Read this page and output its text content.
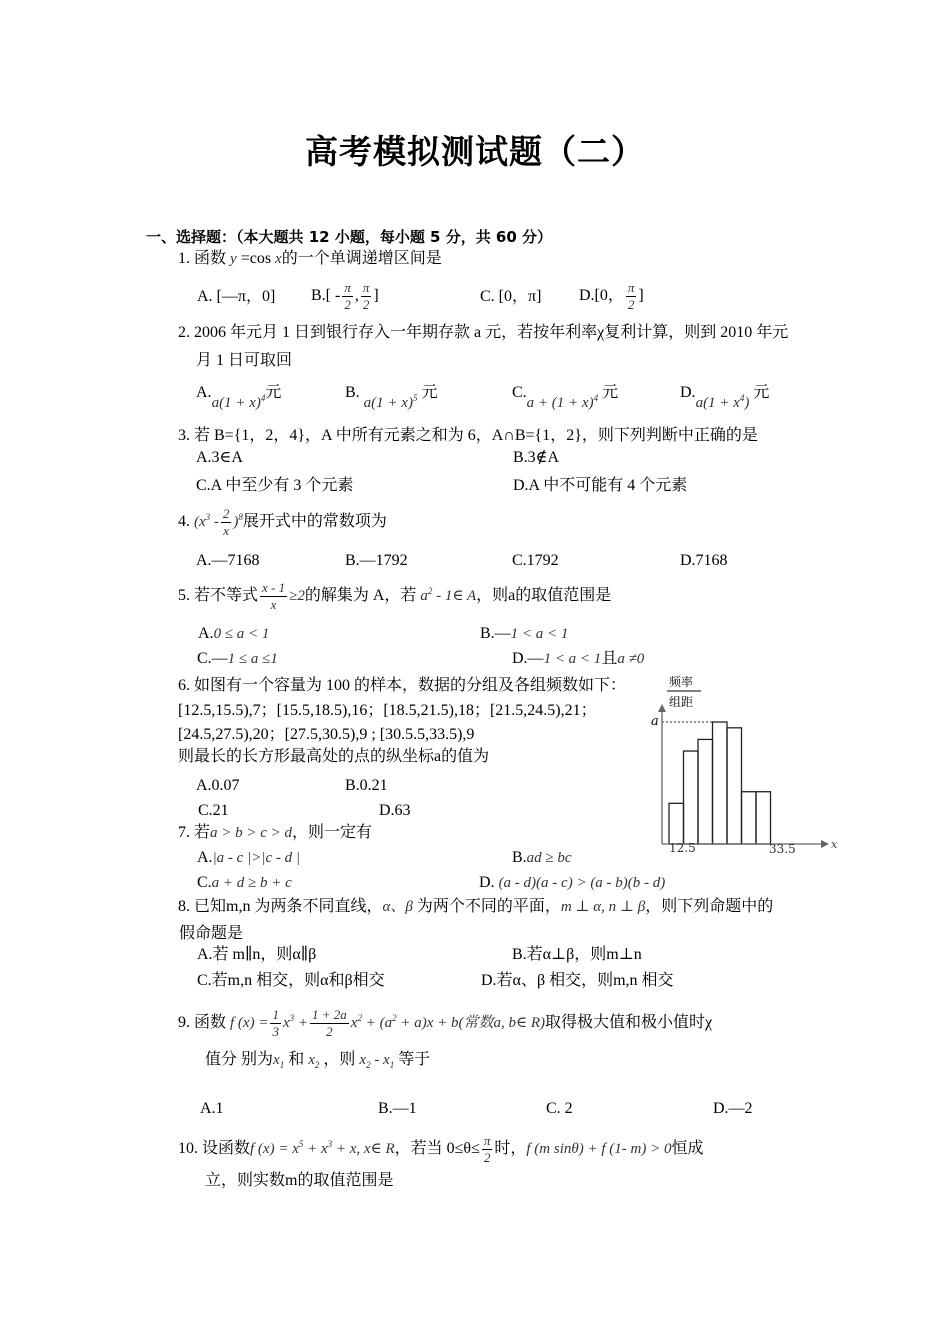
高考模拟测试题（二）
一、选择题：（本大题共 12 小题，每小题 5 分，共 60 分）
1. 函数 y =cos x的一个单调递增区间是
A. [—π，0] $B.[ - \frac{\pi}{2}$ , $\frac{\pi}{2}$ ]	C. [0，π] D.[0， $\frac{\pi}{2}$ ]
2. 2006 年元月 1 日到银行存入一年期存款 a 元，若按年利率χ复利计算，则到 2010 年元
月 1 日可取回
$A.a(1 + x)^4$元	B. $a(1 + x)^5$ 元	$C.a + (1 + x)^4$ 元	$D.a(1 + x^4)$ 元
3. 若 B={1，2，4}，A 中所有元素之和为 6，A∩B={1，2}，则下列判断中正确的是
A.3∈A	B.3∉A
C.A 中至少有 3 个元素	D.A 中不可能有 4 个元素
4. $(x^3 - \frac{2}{x} )^8$展开式中的常数项为
A.—7168	B.—1792	C.1792	D.7168
5. 若不等式 $\frac{x - 1}{x} \ge 2$的解集为 A，若 $a^2$ - 1∈ A，则a的取值范围是
A.0 ≤ a < 1	B.—1 < a < 1
C.—1 ≤ a ≤1	D.—1 < a < 1且a ≠0
6. 如图有一个容量为 100 的样本，数据的分组及各组频数如下：
[12.5,15.5),7；[15.5,18.5),16；[18.5,21.5),18；[21.5,24.5),21；
[24.5,27.5),20；[27.5,30.5),9 ; [30.5.5,33.5),9
则最长的长方形最高处的点的纵坐标a的值为
A.0.07	B.0.21
C.21	D.63
频率
组距
a
x
12.5	33.5
7. 若a > b > c > d，则一定有
A.|a - c |>|c - d |	B.ad ≥ bc
C.a + d ≥ b + c	D. (a - d)(a - c) > (a - b)(b - d)
8. 已知m,n 为两条不同直线，α、β 为两个不同的平面，m ⊥ α, n ⊥ β，则下列命题中的
假命题是
A.若 m∥n，则α∥β	B.若α⊥β，则m⊥n
C.若m,n 相交，则α和β相交	D.若α、β 相交，则m,n 相交
9. 函数 f $(x) = \frac{1}{3} x^3 + \frac{1 + 2a}{2} x^2 + (a^2 + a)x + b$(常数a, b∈ R)取得极大值和极小值时χ
值分 别为$x_1$ 和 $x_2$ ，则 $x_2 - x_1$ 等于
A.1	B.—1	C. 2	D.—2
10. 设函数f $(x) = x^5 + x^3 + x$, x∈ R，若当 $0\le\theta\le \frac{\pi}{2}$ 时，f (m sinθ) + f (1- m) > 0恒成
立，则实数m的取值范围是
